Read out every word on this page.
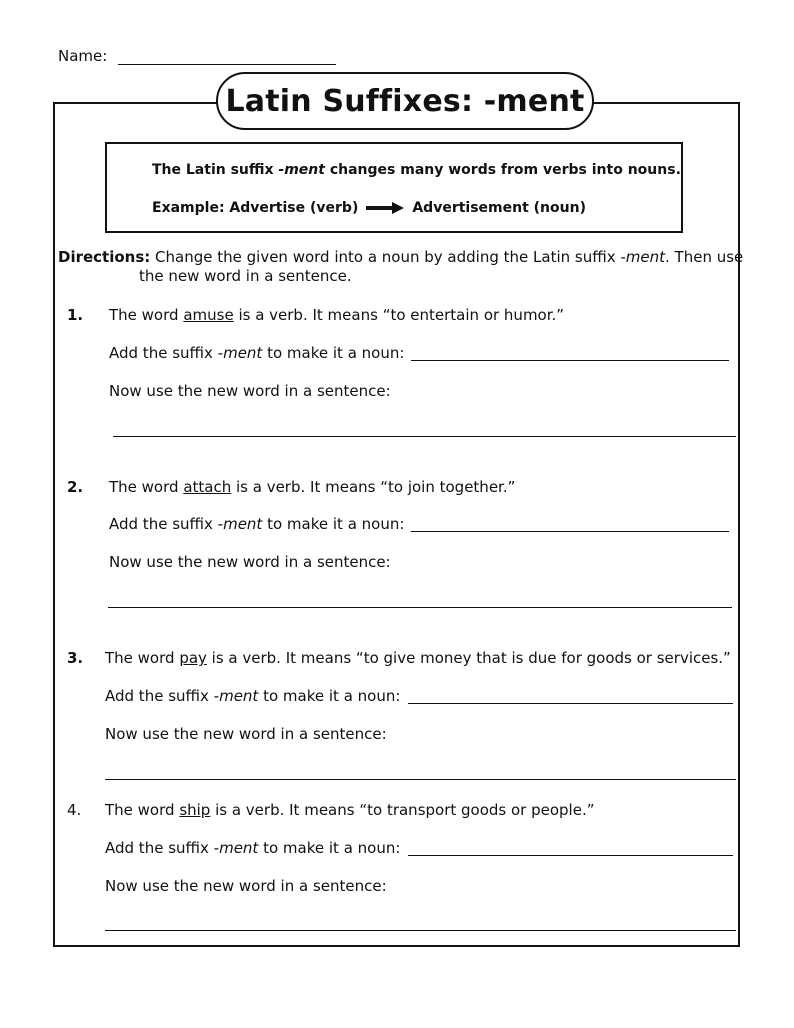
Name:
Latin Suffixes: -ment
The Latin suffix -ment changes many words from verbs into nouns.
Example: Advertise (verb)	Advertisement (noun)
Directions: Change the given word into a noun by adding the Latin suffix -ment. Then use
the new word in a sentence.
1. The word amuse is a verb. It means “to entertain or humor.”
Add the suffix -ment to make it a noun:
Now use the new word in a sentence:
2. The word attach is a verb. It means “to join together.”
Add the suffix -ment to make it a noun:
Now use the new word in a sentence:
3. The word pay is a verb. It means “to give money that is due for goods or services.”
Add the suffix -ment to make it a noun:
Now use the new word in a sentence:
4. The word ship is a verb. It means “to transport goods or people.”
Add the suffix -ment to make it a noun:
Now use the new word in a sentence:
